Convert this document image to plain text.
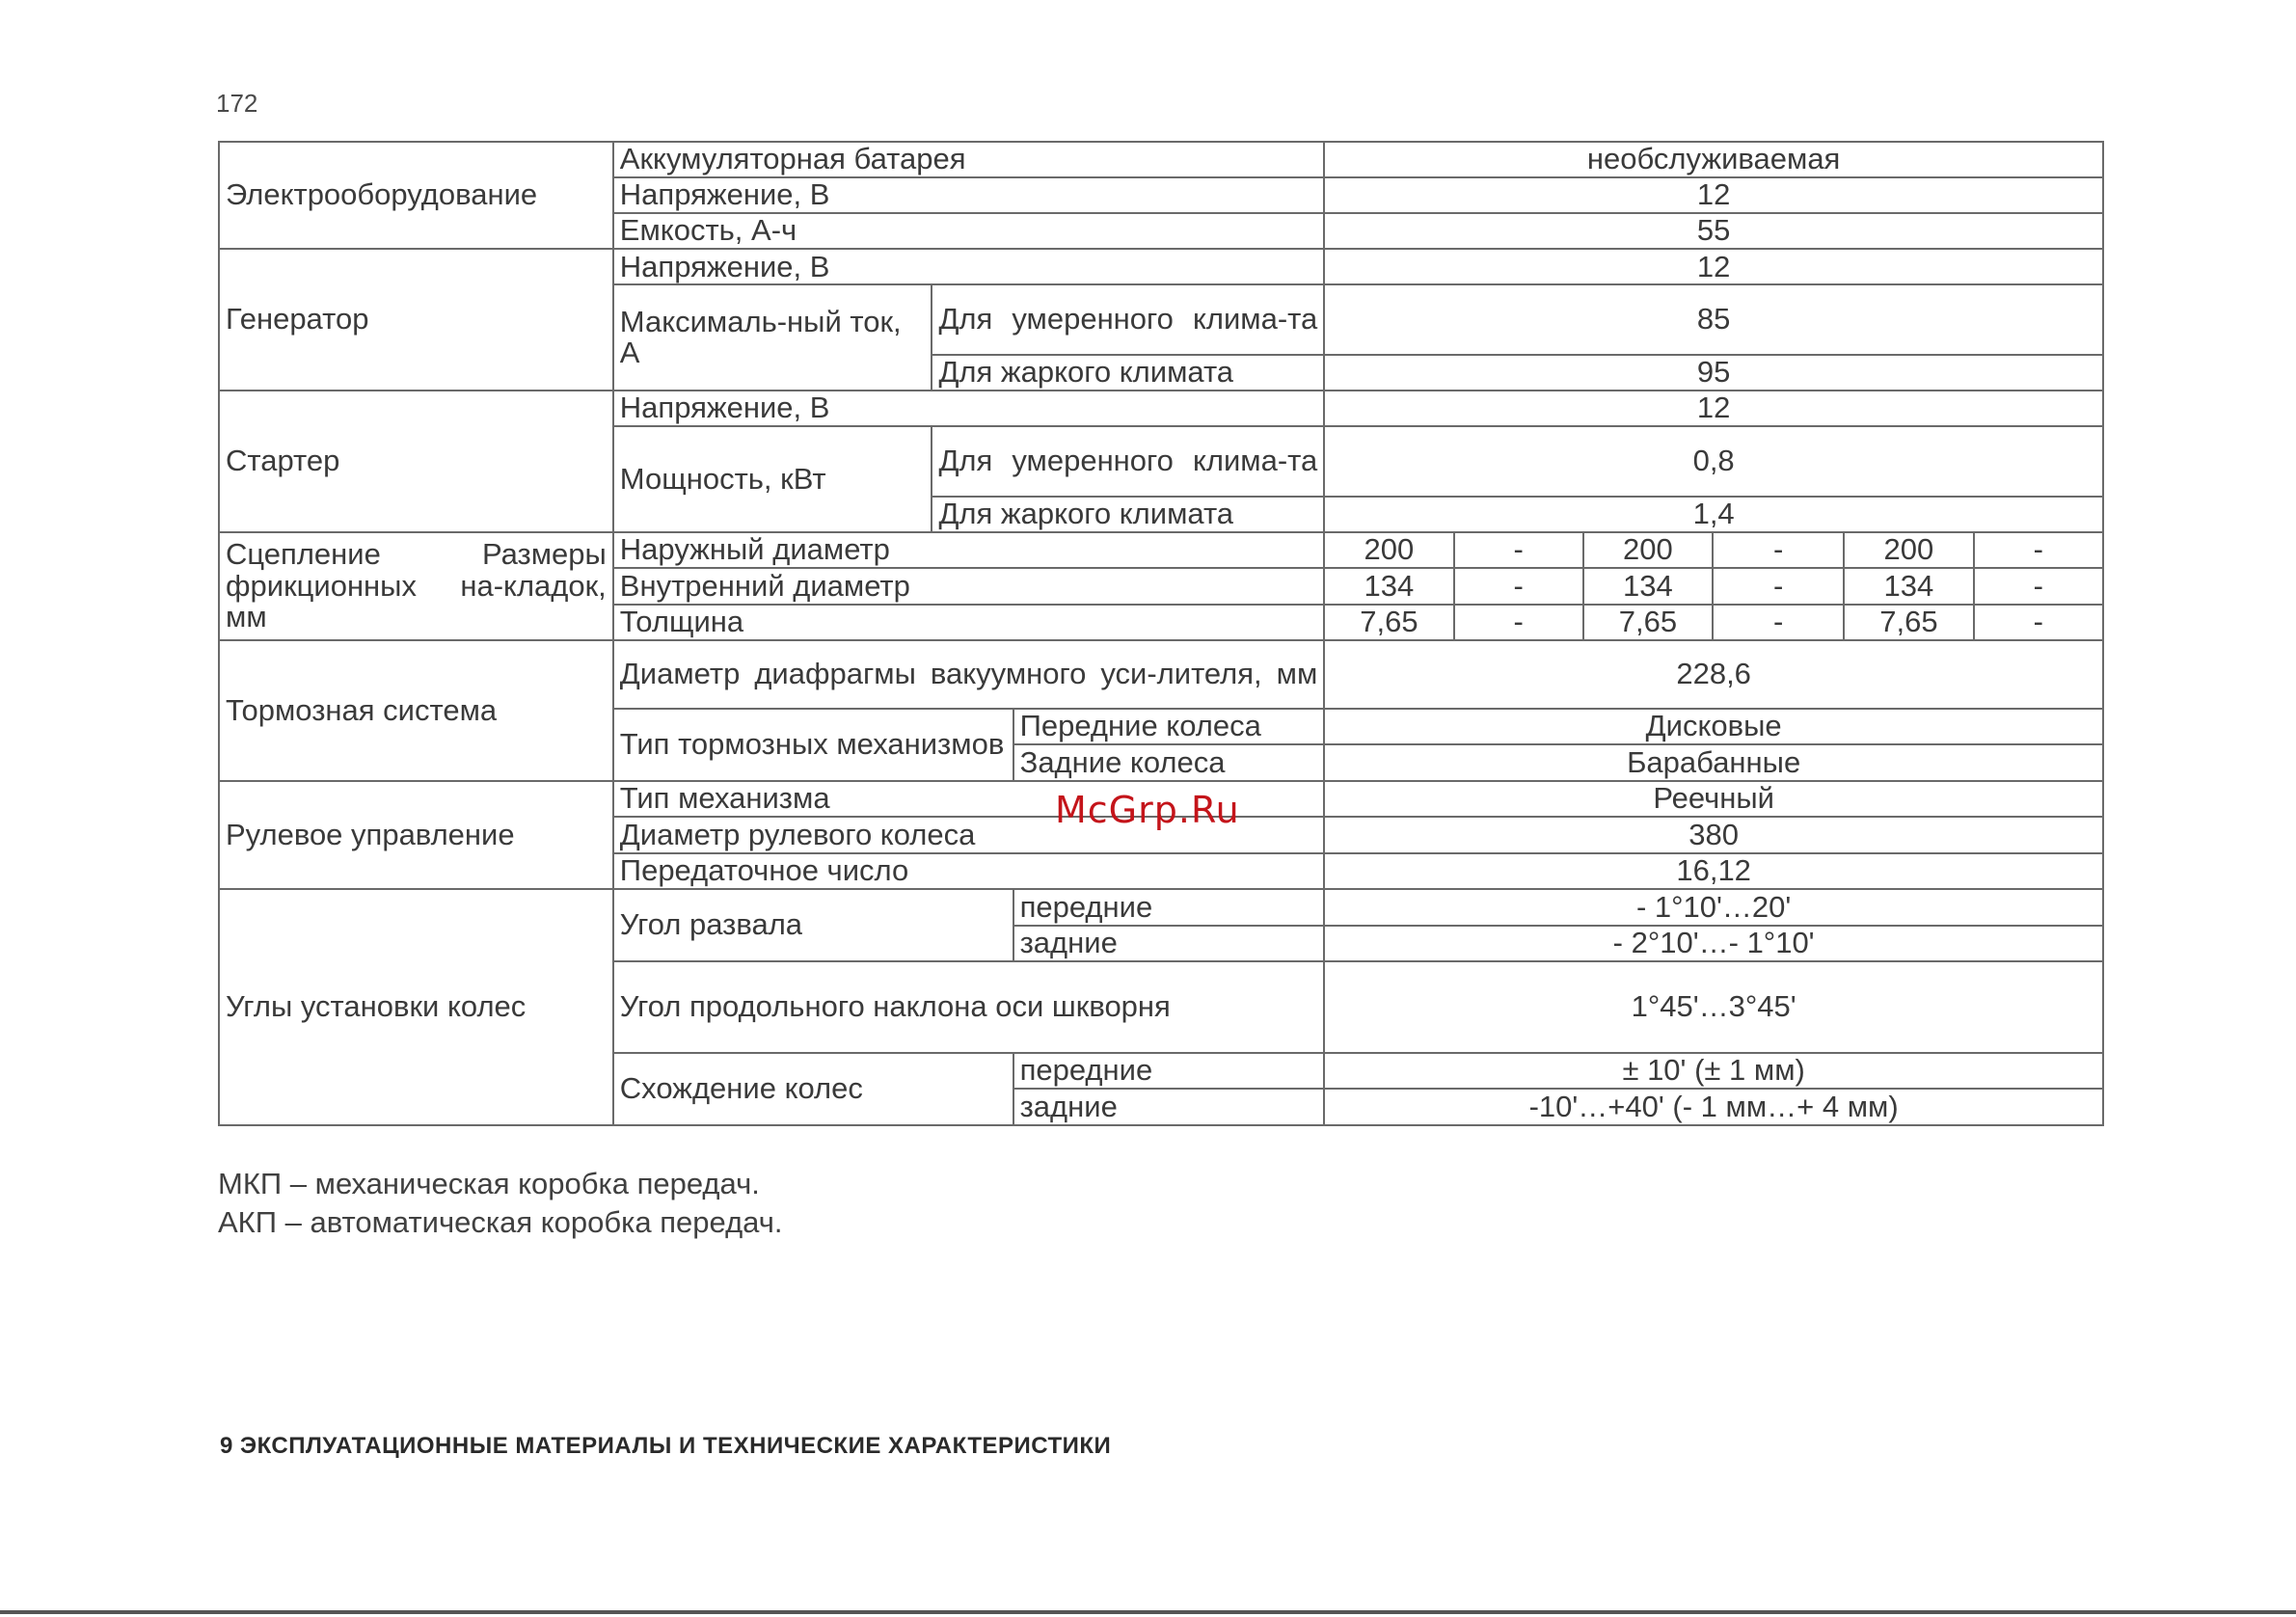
172
Электрооборудование	Аккумуляторная батарея			необслуживаемая					
	Напряжение, В			12					
	Емкость, А-ч			55					
Генератор	Напряжение, В			12					
	Максималь-ный ток, А	Для умеренного клима-та		85					
		Для жаркого климата		95					
Стартер	Напряжение, В			12					
	Мощность, кВт	Для умеренного клима-та		0,8					
		Для жаркого климата		1,4					
Сцепление Размеры фрикционных на-кладок, мм	Наружный диаметр			200	-	200	-	200	-
	Внутренний диаметр			134	-	134	-	134	-
	Толщина			7,65	-	7,65	-	7,65	-
Тормозная система	Диаметр диафрагмы вакуумного уси-лителя, мм			228,6					
	Тип тормозных механизмов		Передние колеса	Дисковые					
			Задние колеса	Барабанные					
Рулевое управление	Тип механизма			Реечный					
	Диаметр рулевого колеса			380					
	Передаточное число			16,12					
Углы установки колес	Угол развала		передние	- 1°10'…20'					
			задние	- 2°10'…- 1°10'					
	Угол продольного наклона оси шкворня			1°45'…3°45'					
	Схождение колес		передние	± 10' (± 1 мм)					
			задние	-10'…+40' (- 1 мм…+ 4 мм)					
McGrp.Ru
МКП – механическая коробка передач.
АКП – автоматическая коробка передач.
9 ЭКСПЛУАТАЦИОННЫЕ МАТЕРИАЛЫ И ТЕХНИЧЕСКИЕ ХАРАКТЕРИСТИКИ
